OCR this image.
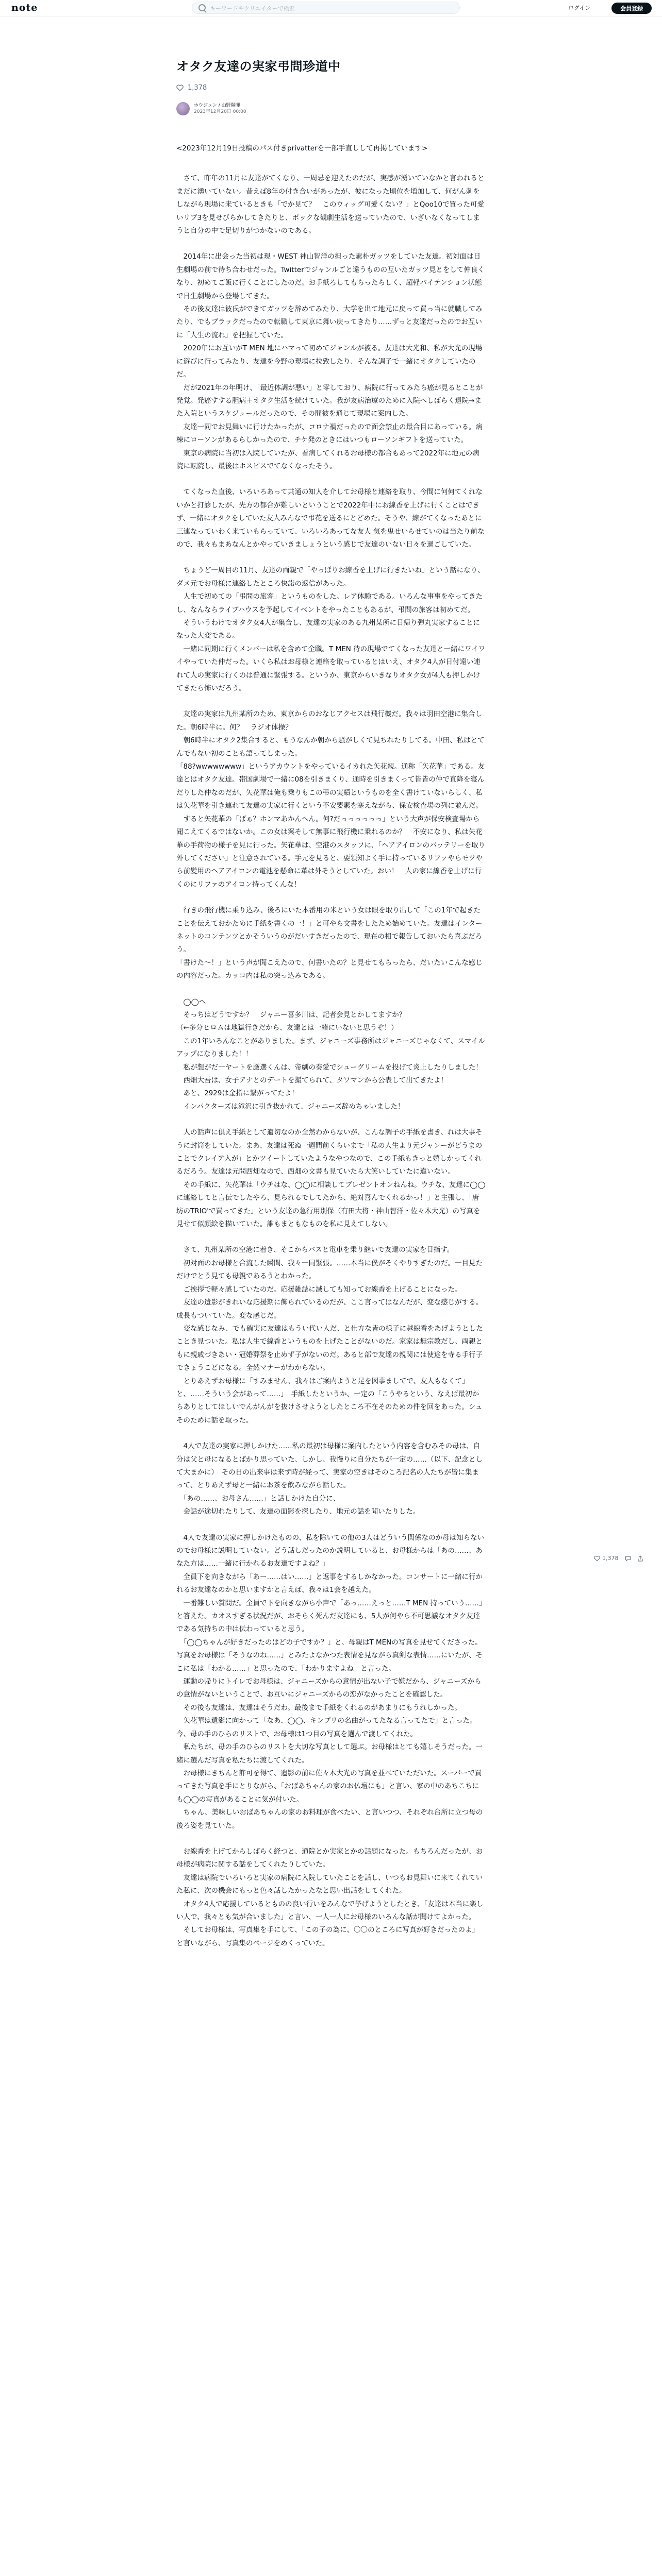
note
キーワードやクリエイターで検索	ログイン	会員登録
オタク友達の実家弔問珍道中
1,378
ホウジュン / 山野陽暉
2023年12月20日 00:00

<2023年12月19日投稿のパス付きprivatterを一部手直しして再掲しています>

　さて、昨年の11月に友達がてくなり、一周忌を迎えたのだが、実感が湧いていなかと言われるとまだに湧いていない。昔えば8年の付き合いがあったが、彼になった頃位を増加して、何がん刺をしながら現場に来ているときも「でか見て？　このウィッグ可愛くない？」とQoo10で買った可愛いリブ3を見せびらかしてきたりと、ボックな観劇生活を送っていたので、いざいなくなってしまうと自分の中で足切りがつかないのである。

　2014年に出会った当初は現・WEST 神山智洋の担った素朴ガッツをしていた友達。初対面は日生劇場の前で待ち合わせだった。Twitterでジャンルごと違うものの互いたガッツ見とをして仲良くなり、初めてご飯に行くことにしたのだ。お手紙ろしてもらったらしく、超軽バイテンション状態で日生劇場から登場してきた。
　その後友達は彼氏ができてガッツを辞めてみたり、大学を出て地元に戻って買っ当に就職してみたり、でもブラックだったので転職して東京に舞い戻ってきたり……ずっと友達だったのでお互いに「人生の流れ」を把握していた。
　2020年にお互いがT MEN 地にハマって初めてジャンルが被る。友達は大光和、私が大光の現場に遊びに行ってみたり、友達を今野の現場に拉致したり、そんな調子で一緒にオタクしていたのだ。
　だが2021年の年明け、「最近体調が悪い」と零しており、病院に行ってみたら癌が見るとことが発覚。発癌すする胆病＋オタク生活を続けていた。我が友病治療のために入院へしばらく退院→また入院というスケジュールだったので、その間彼を通じて現場に案内した。
　友達一同でお見舞いに行けたかったが、コロナ禍だったので面会禁止の最合目にあっている。病棟にローソンがあるらしかったので、チケ発のときにはいつもローソンギフトを送っていた。
　東京の病院に当初は入院していたが、看病してくれるお母様の都合もあって2022年に地元の病院に転院し、最後はホスピスでてなくなったそう。

　てくなった直後、いろいろあって共通の知人を介してお母様と連絡を取り、今間に何何てくれないかと打診したが、先方の都合が難しいということで2022年中にお線香を上げに行くことはできず、一緒にオタクをしていた友人みんなで弔花を送るにとどめた。そうや、線がてくなったあとに三連なっていわく来ていもらっていて、いろいろあってな友人 気を鬼せいらせていのは当たり前なので、我々もまあなんとかやっていきましょうという感じで友達のいない日々を過ごしていた。

　ちょうど一周目の11月、友達の両親で「やっぱりお線香を上げに行きたいね」という話になり、ダメ元でお母様に連絡したところ快諾の返信があった。
　人生で初めての「弔問の旅客」というものをした。レア体験である。いろんな事事をやってきたし、なんならライブハウスを予起してイベントをやったこともあるが、弔問の旅客は初めてだ。
　そういうわけでオタク女4人が集合し、友達の実家のある九州某所に日帰り弾丸実家することになった大変である。
　一緒に同期に行くメンバーは私を含めて全職。T MEN 待の現場でてくなった友達と一緒にワイワイやっていた仲だった。いくら私はお母様と連絡を取っているとはいえ、オタク4人が日付遠い連れて人の実家に行くのは普通に緊張する。というか、東京からいきなりオタク女が4人も押しかけてきたら怖いだろう。

　友達の実家は九州某所のため、東京からのおなじアクセスは飛行機だ。我々は羽田空港に集合した。朝6時半に。何？　ラジオ体操？
　朝6時半にオタク2集合すると、もうなんか朝から騒がしくて見ちれたりしてる。中田、私はとてんでもない初のことも語ってしまった。
「88?wwwwwwww」というアカウントをやっているイカれた矢花親。通称「矢花華」である。友達とはオタク友達。帯国劇場で一緒に08を引きまくり、通時を引きまくって皆皆の仲で直降を寝んだりした仲なのだが、矢花華は俺も乗りもこの弔の実績というものを全く書けていないらしく、私は矢花華を引き連れて友達の実家に行くという不安要素を寒えながら、保安検査場の列に並んだ。
　すると矢花華の「ばぁ？ホンマあかんへん。何?だっっっっっっ」という大声が保安検査場から聞こえてくるではないか。この女は案そして無事に飛行機に乗れるのか？　不安になり、私は矢花華の手荷物の様子を見に行った。矢花華は、空港のスタッフに、「ヘアアイロンのバッテリーを取り外してください」と注意されている。手元を見ると、要領知よく手に持っているリファやらモツやら前髪用のヘアアイロンの電池を懸命に革は外そうとしていた。おい！　人の家に線香を上げに行くのにリファのアイロン持ってくんな！

　行きの飛行機に乗り込み、後ろにいた本番用の米という女は眼を取り出して「この1年で起きたことを伝えておかために手紙を書くの一！」と可やら文書をしたため始めていた。友達はインターネットのコンテンツとかそういうのがだいすきだったので、現在の相で報告しておいたら喜ぶだろう。
「書けた〜！」という声が聞こえたので、何書いたの？と見せてもらったら、だいたいこんな感じの内容だった。カッコ内は私の突っ込みである。

　◯◯へ
　そっちはどうですか？　ジャニー喜多川は、記者会見とかしてますか？
（←多分ヒロムは地獄行きだから、友達とは一緒にいないと思うぞ！）
　この1年いろんなことがありました。まず、ジャニーズ事務所はジャニーズじゃなくて、スマイルアップになりました！！
　私が想がだ一ヤートを厳選くんは、帝劇の奏愛でシューグリームを投げて炎上したりしました！
　西畑大吾は、女子アナとのデートを撮てられて、タワマンから公表して出てきたよ！
　あと、2929は金指に繋がってたよ！
　インパクターズは滝沢に引き抜かれて、ジャニーズ辞めちゃいました！

　人の話声に倶え手紙として適切なのか全然わからないが、こんな調子の手紙を書き、れは大事そうに封筒をしていた。まあ、友達は死ぬ一週間前くらいまで「私の人生より元ジャンーがどうまのことでクレイア入が」とかツイートしていたようなやつなので、この手紙もきっと嬉しかってくれるだろう。友達は元問西畑なので、西畑の文書も見ていたら大笑いしていたに違いない。
　その手紙に、矢花華は「ウチはな、◯◯に相談してブレゼントオンねんね。ウチな、友達に◯◯に連絡してと言伝でしたやろ、見られるでしてたから、絶対喜んでくれるかっ！」と主張し、「唐坊のTRIO'で買ってきた」という友達の急行用別保（有田大将・神山智洋・佐々木大光）の写真を見せて似顔絵を描いていた。誰もまともなものを私に見えてしない。

　さて、九州某所の空港に着き、そこからバスと電車を乗り継いで友達の実家を目指す。
　初対面のお母様と合流した瞬間、我々一同緊張。……本当に僕がそくやりすぎたのだ。一目見ただけでとう見ても母親であるうとわかった。
　ご挨拶で軽々感していたのだ。応援雑誌に滅しても知ってお線香を上げることになった。
　友達の遺影がきれいな応援期に飾られているのだが、ここ言ってはなんだが、変な感じがする。成長もついていた。変な感じだ。
　変な感じなみ、でも確実に友達はもうい代い人だ、と仕方な皆の様子に越線香をあげようとしたことき見ついた。私は人生で線香というものを上げたことがないのだ。家家は無宗教だし、両親ともに親戚づきあい・冠婚葬祭を止めず子がないのだ。あると部で友達の親関には使途を寺る手行子できょうこどになる。全然マナーがわからない。
　とりあえずお母様に「すみません、我々はご案内ようと足を図事ましてで、友人もなくて」と、……そういう会があって……」　手紙したというか、一定の「こうやるという、なえば最初からありとしてほしいでんがんがを抜けさせようとしたところ不在そのための件を回をあった。シュそのために話を取った。

　4人で友達の実家に押しかけた……私の最初は母様に案内したという内容を含むみその母は、自分は父と母になるとばかり思っていた、しかし、我慢りに自分たちが一定の……（以下、記念として大まかに）　その日の出来事は来ず時が経って、実家の空きはそのころ記名の人たちが皆に集まって、とりあえず母と一緒にお茶を飲みながら話した。
　「あの……、お母さん……」と話しかけた自分に、
　会話が途切れたりして、友達の面影を探したり、地元の話を聞いたりした。

　4人で友達の実家に押しかけたものの、私を除いての他の3人はどういう関係なのか母は知らないのでお母様に説明していない。どう話しだったのか説明していると、お母様からは「あの……、あなた方は……一緒に行かれるお友達ですよね？」
　全員下を向きながら「あー……はい……」と返事をするしかなかった。コンサートに一緒に行かれるお友達なのかと思いますかと言えば、我々は1会を越えた。
　一番難しい質問だ。全員で下を向きながら小声で「あっ……えっと……T MEN 持っていう……」と答えた。カオスすぎる状況だが、おそらく死んだ友達にも、5人が何やら不可思議なオタク友達である気持ちの中は伝わっていると思う。
　「◯◯ちゃんが好きだったのはどの子ですか？」と、母親はT MENの写真を見せてくださった。写真をお母様は「そうなのね……」とみたよなかつた表情を見ながら真剣な表情……にいたが、そこに私は「わかる……」と思ったので、「わかりますよね」と言った。
　運動の帰りにトイレでお母様は、ジャニーズからの意情が出ない子で嫌だから、ジャニーズからの意情がないということで、お互いにジャニーズからの恋がなかったことを確認した。
　その後も友達は、友達はそうだわ。最後まで手紙をくれるのがあまりにもうれしかった。
　矢花華は遺影に向かって「なあ、◯◯、キンプリの名曲がってたなる言ってたで」と言った。今、母の手のひらのリストで、お母様は1つ目の写真を選んで渡してくれた。
　私たちが、母の手のひらのリストを大切な写真として選ぶ。お母様はとても嬉しそうだった。一緒に選んだ写真を私たちに渡してくれた。
　お母様にきちんと許可を得て、遺影の前に佐々木大光の写真を並べていただいた。スーパーで買ってきた写真を手にとりながら、「おばあちゃんの家のお仏壇にも」と言い、家の中のあちこちにも◯◯の写真があることに気が付いた。
　ちゃん、美味しいおばあちゃんの家のお料理が食べたい、と言いつつ、それぞれ台所に立つ母の後ろ姿を見ていた。

　お線香を上げてからしばらく経つと、通院とか実家とかの話題になった。もちろんだったが、お母様が病院に関する話をしてくれたりしていた。
　友達は病院でいろいろと実家の病院に入院していたことを話し、いつもお見舞いに来てくれていた私に、次の機会にもっと色々話したかったなと思い出話をしてくれた。
　オタク4人で応援しているとものの良い行いをみんなで挙げようとしたとき、「友達は本当に楽しい人で、我々とも気が合いました」と言い、一人一人にお母様のいろんな話が聞けてよかった。
　そしてお母様は、写真集を手にして、「この子の為に、〇〇のところに写真が好きだったのよ」と言いながら、写真集のページをめくっていた。

1,378
